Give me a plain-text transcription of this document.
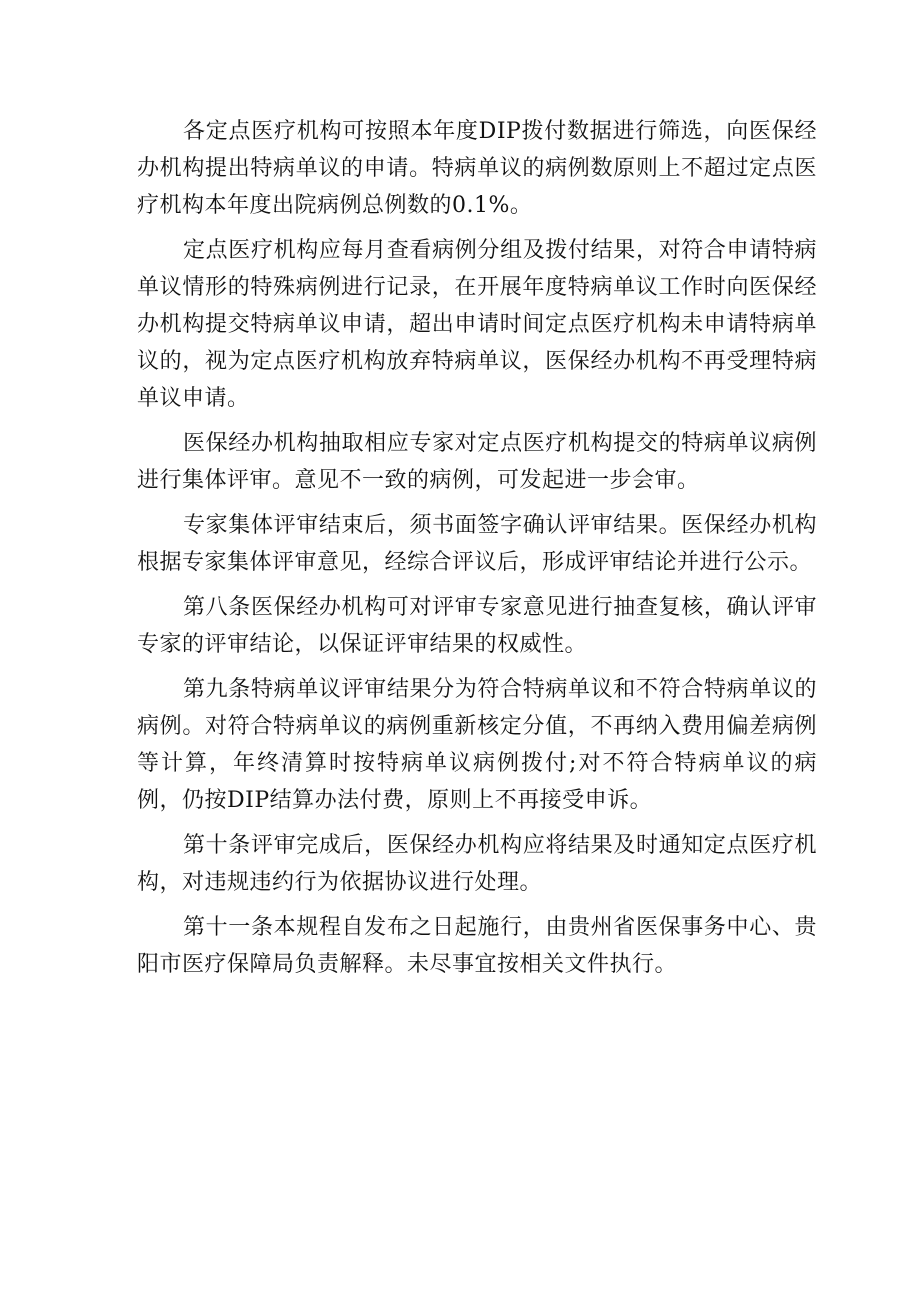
各定点医疗机构可按照本年度DIP拨付数据进行筛选，向医保经办机构提出特病单议的申请。特病单议的病例数原则上不超过定点医疗机构本年度出院病例总例数的0.1%。

定点医疗机构应每月查看病例分组及拨付结果，对符合申请特病单议情形的特殊病例进行记录，在开展年度特病单议工作时向医保经办机构提交特病单议申请，超出申请时间定点医疗机构未申请特病单议的，视为定点医疗机构放弃特病单议，医保经办机构不再受理特病单议申请。

医保经办机构抽取相应专家对定点医疗机构提交的特病单议病例进行集体评审。意见不一致的病例，可发起进一步会审。

专家集体评审结束后，须书面签字确认评审结果。医保经办机构根据专家集体评审意见，经综合评议后，形成评审结论并进行公示。

第八条医保经办机构可对评审专家意见进行抽查复核，确认评审专家的评审结论，以保证评审结果的权威性。

第九条特病单议评审结果分为符合特病单议和不符合特病单议的病例。对符合特病单议的病例重新核定分值，不再纳入费用偏差病例等计算，年终清算时按特病单议病例拨付;对不符合特病单议的病例，仍按DIP结算办法付费，原则上不再接受申诉。

第十条评审完成后，医保经办机构应将结果及时通知定点医疗机构，对违规违约行为依据协议进行处理。

第十一条本规程自发布之日起施行，由贵州省医保事务中心、贵阳市医疗保障局负责解释。未尽事宜按相关文件执行。
